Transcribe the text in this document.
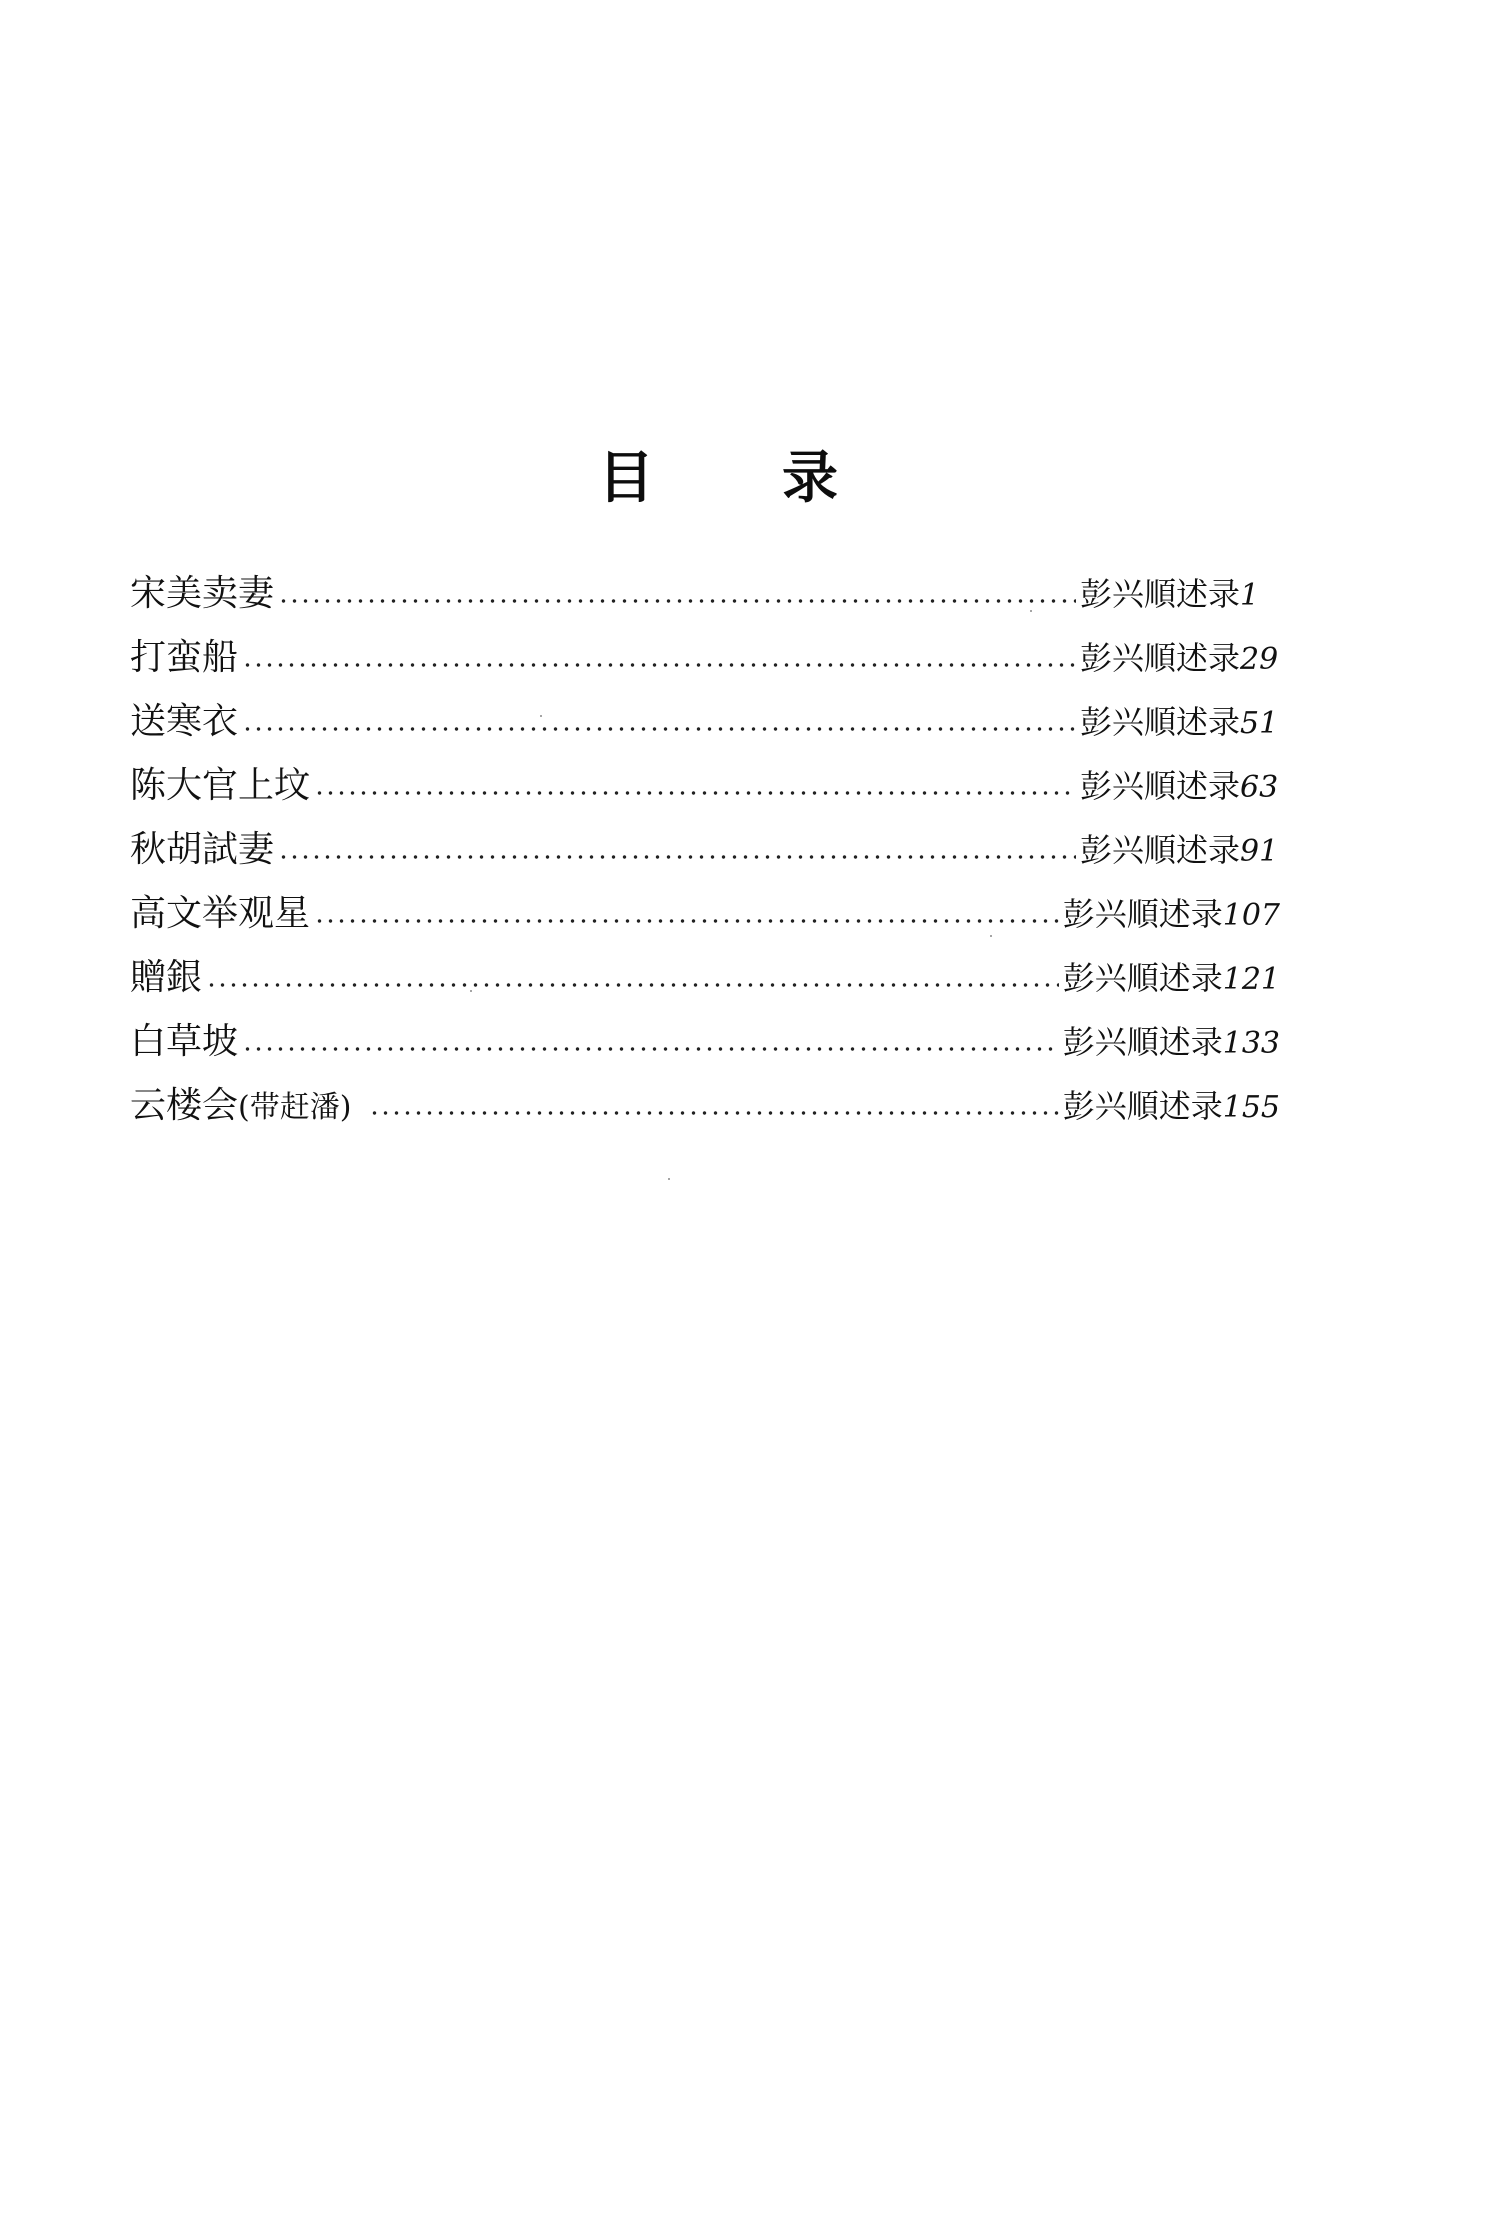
目 录
宋美卖妻	彭兴順述录 1
打蛮船	彭兴順述录 29
送寒衣	彭兴順述录 51
陈大官上坟	彭兴順述录 63
秋胡試妻	彭兴順述录 91
高文举观星	彭兴順述录 107
贈銀	彭兴順述录 121
白草坡	彭兴順述录 133
云楼会(带赶潘)	彭兴順述录 155
